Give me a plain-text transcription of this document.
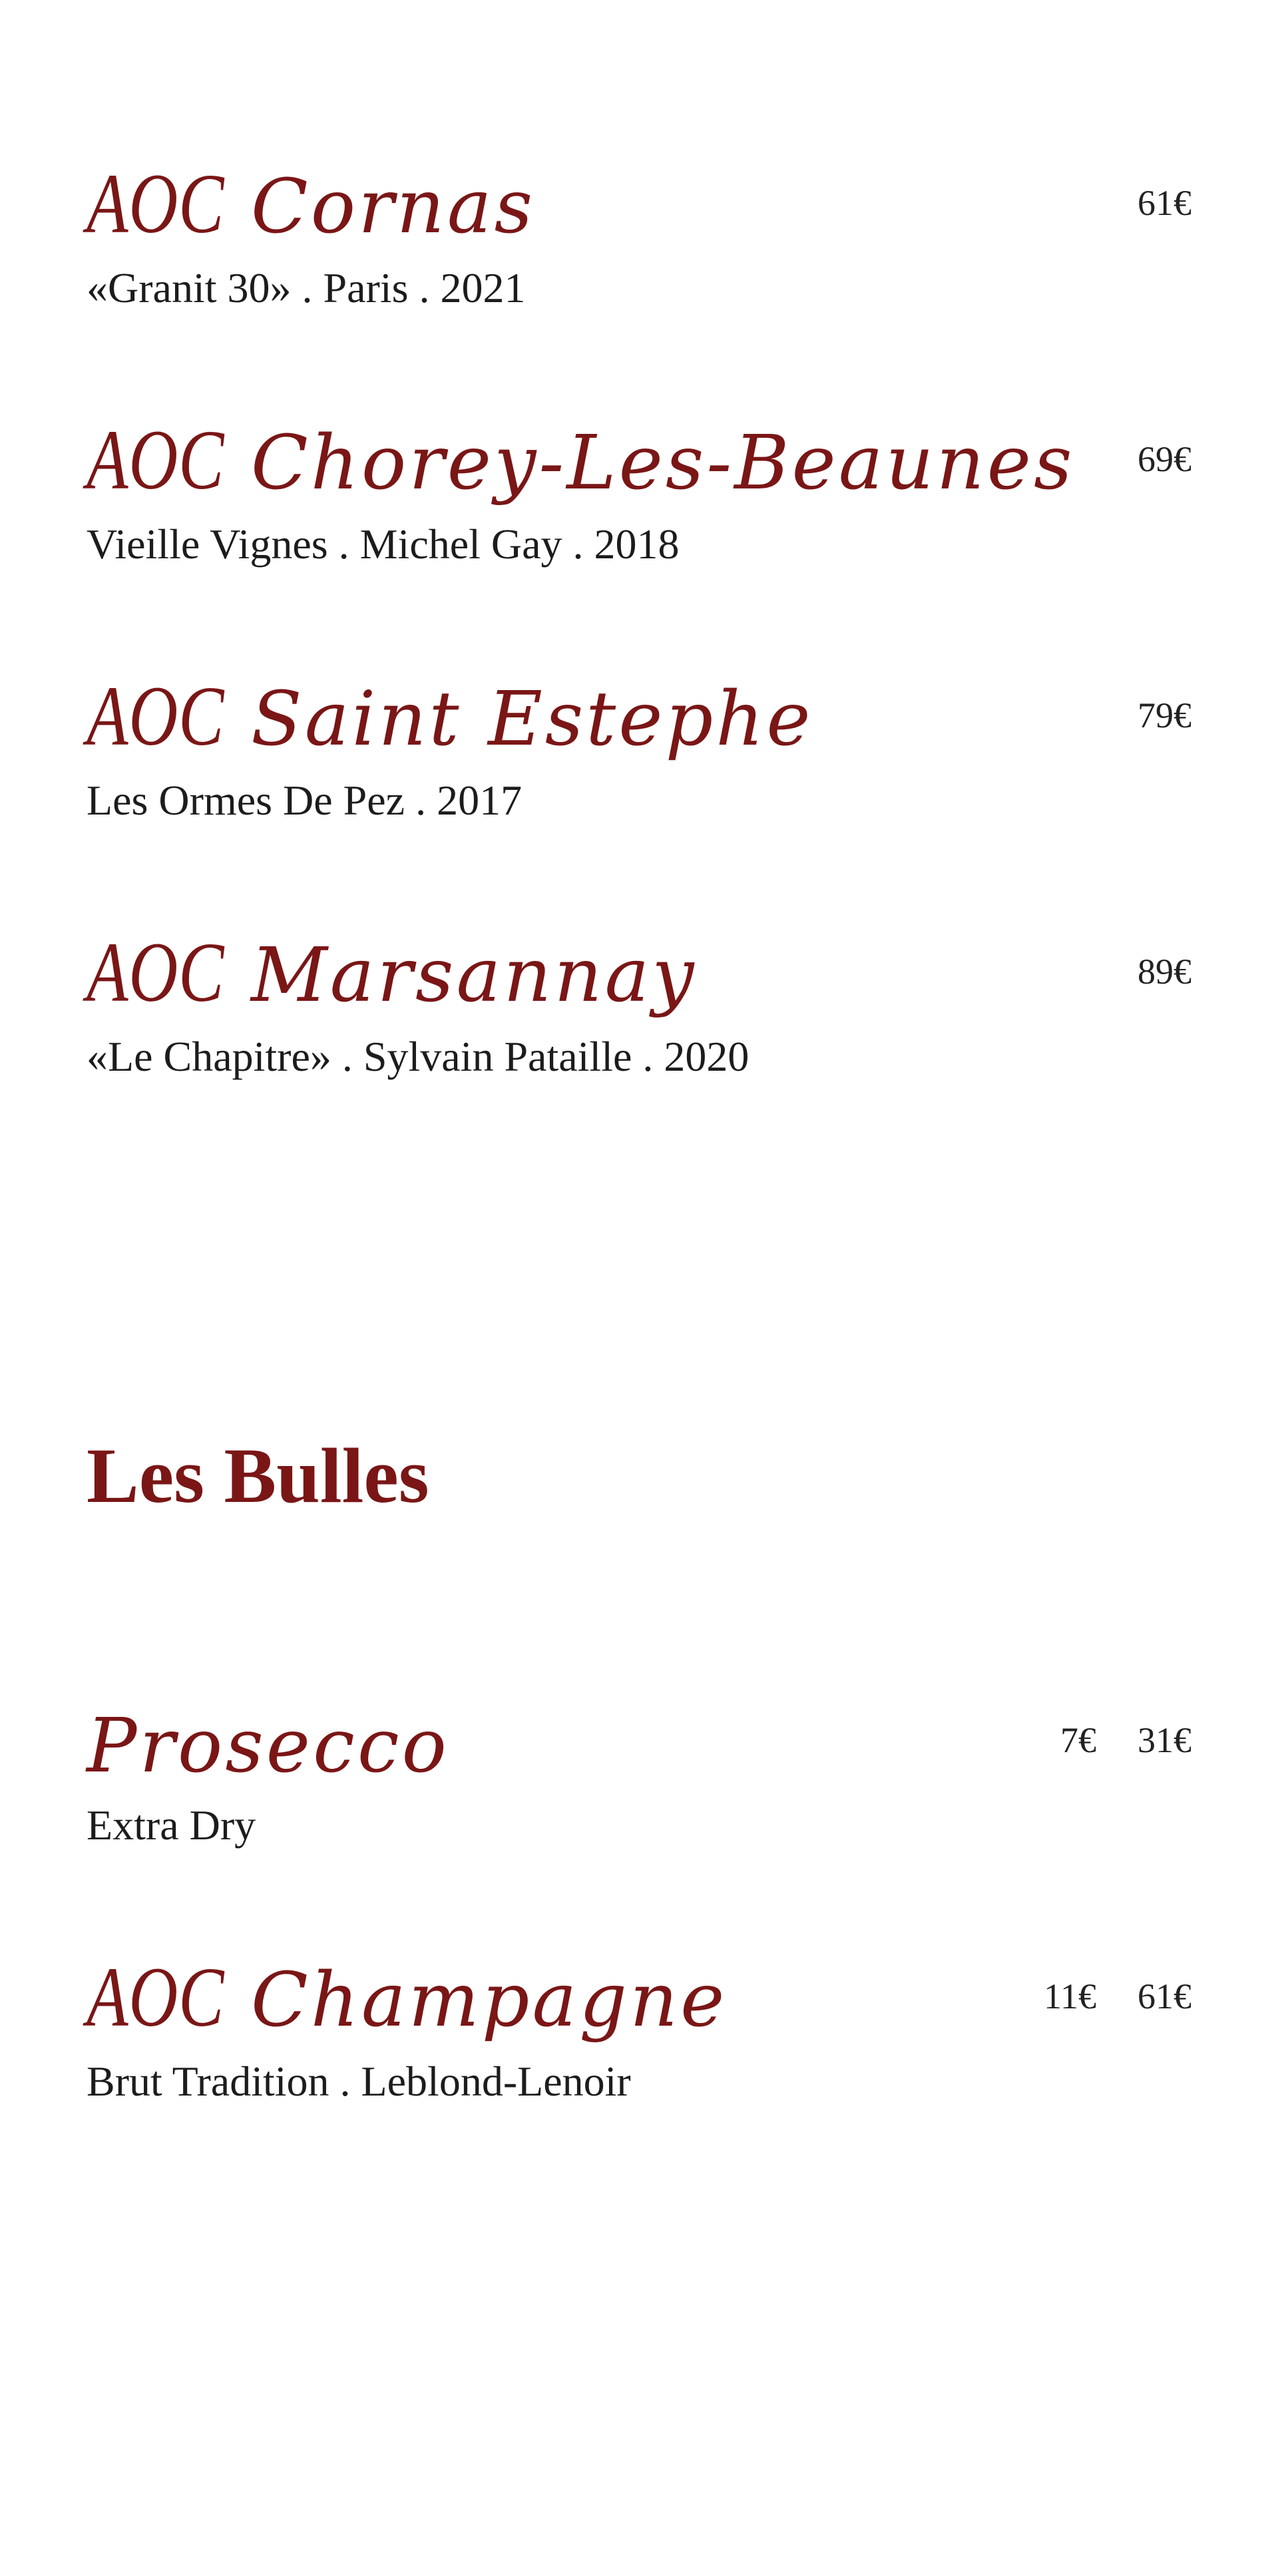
AOC Cornas	61€
«Granit 30» . Paris . 2021
AOC Chorey-Les-Beaunes 69€
Vieille Vignes . Michel Gay . 2018
AOC Saint Estephe	79€
Les Ormes De Pez . 2017
AOC Marsannay	89€
«Le Chapitre» . Sylvain Pataille . 2020
Les Bulles
Prosecco	7€ 31€
Extra Dry
AOC Champagne	11€ 61€
Brut Tradition . Leblond-Lenoir
